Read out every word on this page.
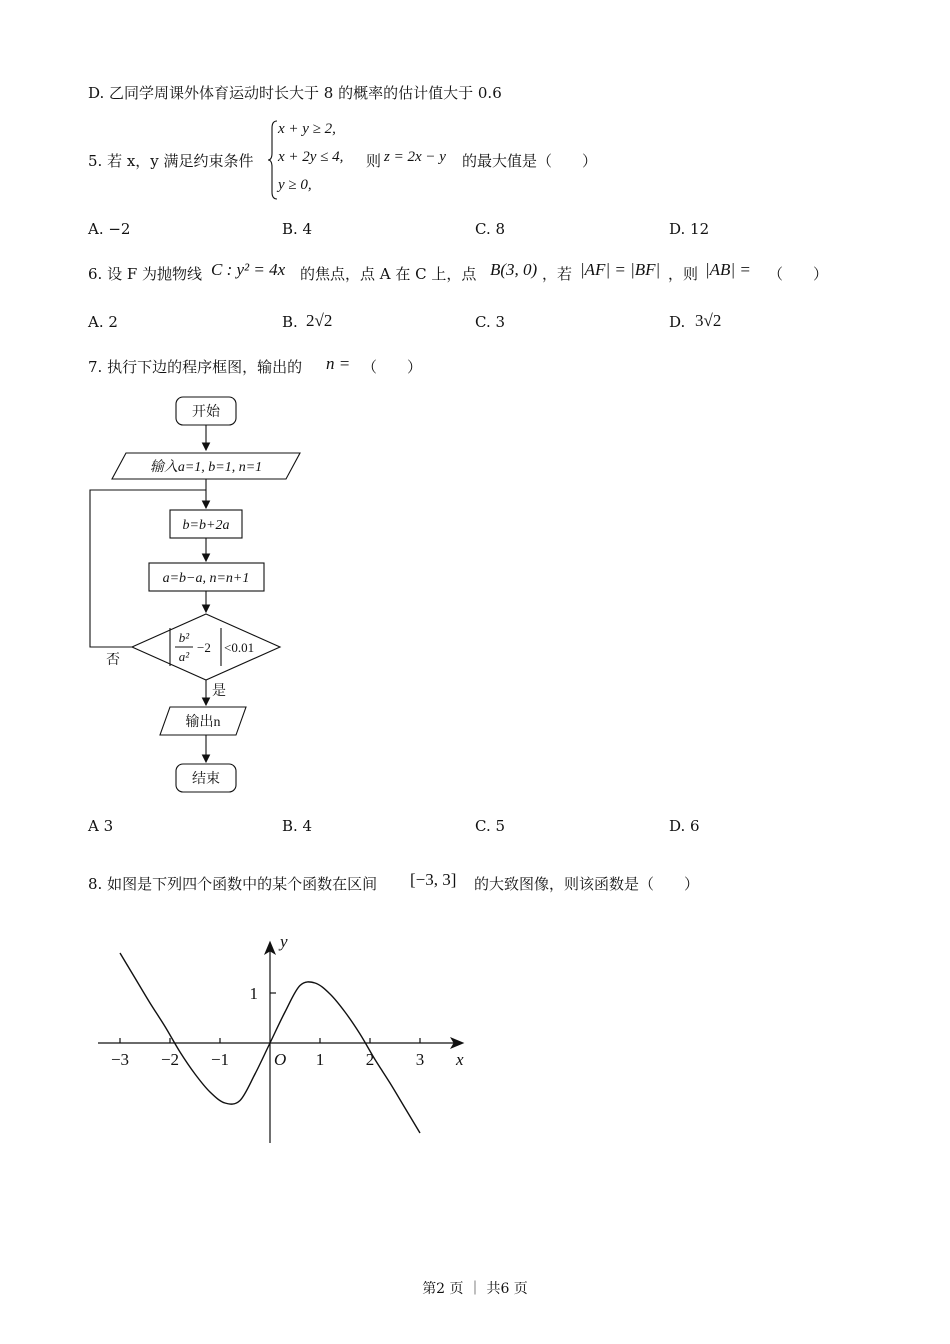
D. 乙同学周课外体育运动时长大于 8 的概率的估计值大于 0.6
5. 若 x，y 满足约束条件
x + y ≥ 2,
x + 2y ≤ 4,
y ≥ 0,
则 z = 2x − y 的最大值是（　　）
A. −2	B. 4	C. 8	D. 12
6. 设 F 为抛物线 C : y² = 4x 的焦点，点 A 在 C 上，点 B(3, 0) ，若 |AF| = |BF| ，则 |AB| = （　　）
A. 2	B. 2√2	C. 3	D. 3√2
7. 执行下边的程序框图，输出的 n = （　　）
开始
输入a=1, b=1, n=1
b=b+2a
a=b−a, n=n+1
b²
a²
−2 <0.01
否
是
输出n
结束
A 3	B. 4	C. 5	D. 6
8. 如图是下列四个函数中的某个函数在区间 [−3, 3] 的大致图像，则该函数是（　　）
−3 −2 −1	1 2 3
1
x
y
O
第2 页 ｜ 共6 页
